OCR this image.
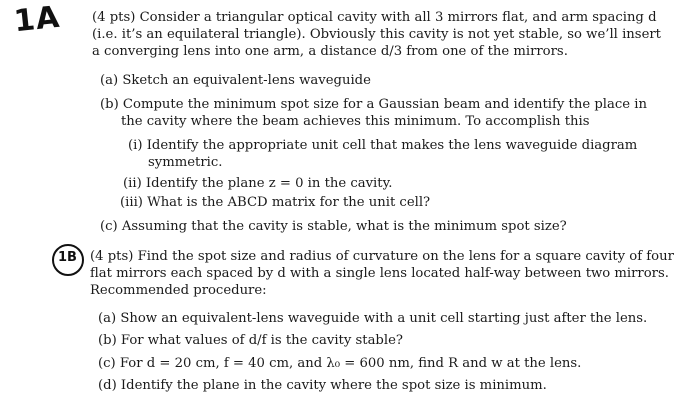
1A
1B
(4 pts) Consider a triangular optical cavity with all 3 mirrors flat, and arm spacing d
(i.e. it’s an equilateral triangle). Obviously this cavity is not yet stable, so we’ll insert
a converging lens into one arm, a distance d/3 from one of the mirrors.
(a) Sketch an equivalent-lens waveguide
(b) Compute the minimum spot size for a Gaussian beam and identify the place in
the cavity where the beam achieves this minimum. To accomplish this
(i) Identify the appropriate unit cell that makes the lens waveguide diagram
symmetric.
(ii) Identify the plane z = 0 in the cavity.
(iii) What is the ABCD matrix for the unit cell?
(c) Assuming that the cavity is stable, what is the minimum spot size?
(4 pts) Find the spot size and radius of curvature on the lens for a square cavity of four
flat mirrors each spaced by d with a single lens located half-way between two mirrors.
Recommended procedure:
(a) Show an equivalent-lens waveguide with a unit cell starting just after the lens.
(b) For what values of d/f is the cavity stable?
(c) For d = 20 cm, f = 40 cm, and λ₀ = 600 nm, find R and w at the lens.
(d) Identify the plane in the cavity where the spot size is minimum.
